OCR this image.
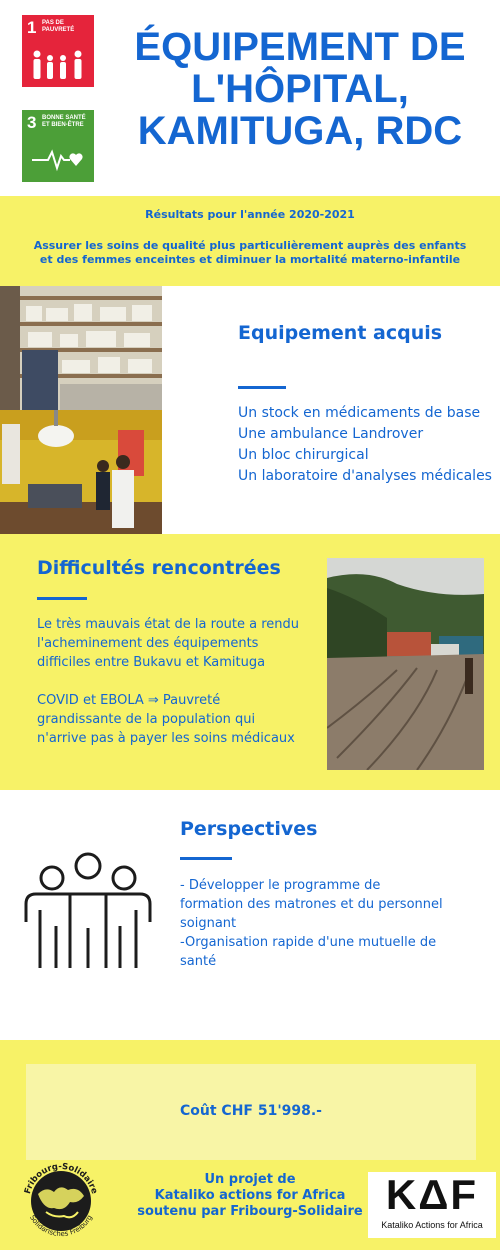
1 PAS DE PAUVRETÉ
3 BONNE SANTÉ ET BIEN-ÊTRE
ÉQUIPEMENT DE
L'HÔPITAL,
KAMITUGA, RDC
Résultats pour l'année 2020-2021
Assurer les soins de qualité plus particulièrement auprès des enfants
et des femmes enceintes et diminuer la mortalité materno-infantile
Equipement acquis
Un stock en médicaments de base
Une ambulance Landrover
Un bloc chirurgical
Un laboratoire d'analyses médicales
Difficultés rencontrées

Le très mauvais état de la route a rendu
l'acheminement des équipements
difficiles entre Bukavu et Kamituga

COVID et EBOLA ⇒ Pauvreté
grandissante de la population qui
n'arrive pas à payer les soins médicaux

Perspectives

- Développer le programme de
formation des matrones et du personnel
soignant
-Organisation rapide d'une mutuelle de
santé

Coût CHF 51'998.-
Fribourg-Solidaire
Solidarisches Freiburg
Un projet de
Kataliko actions for Africa
soutenu par Fribourg-Solidaire KΔF
Kataliko Actions for Africa
